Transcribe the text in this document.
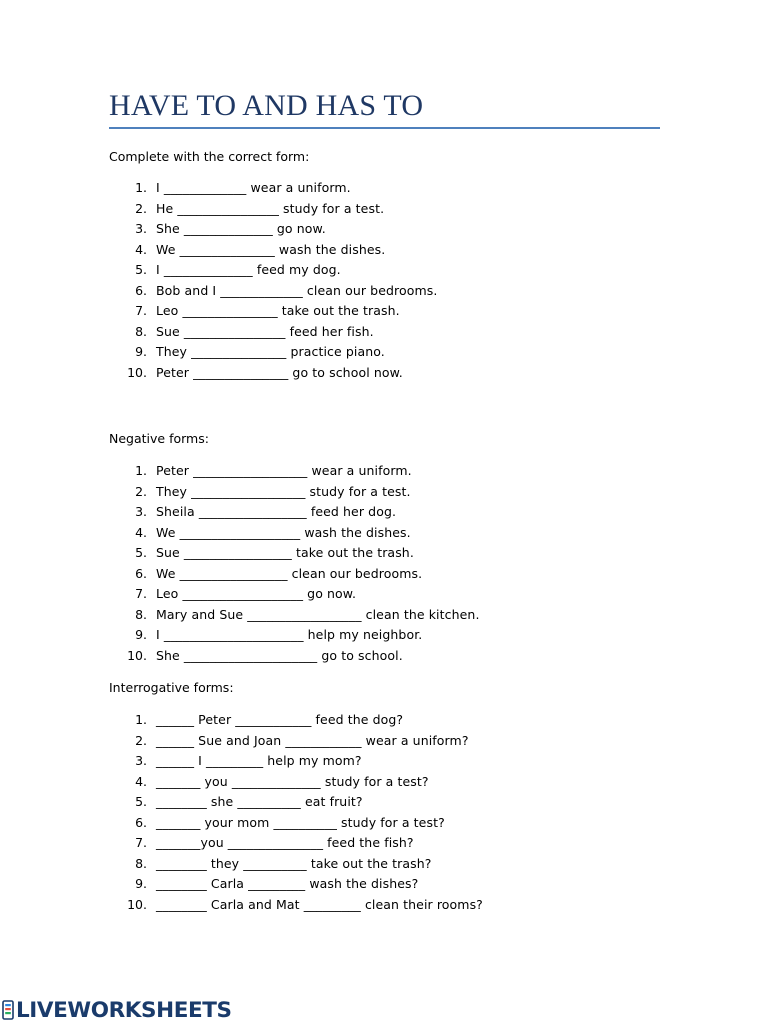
HAVE TO AND HAS TO

Complete with the correct form:

1. I _____________ wear a uniform.
2. He ________________ study for a test.
3. She ______________ go now.
4. We _______________ wash the dishes.
5. I ______________ feed my dog.
6. Bob and I _____________ clean our bedrooms.
7. Leo _______________ take out the trash.
8. Sue ________________ feed her fish.
9. They _______________ practice piano.
10. Peter _______________ go to school now.

Negative forms:

1. Peter __________________ wear a uniform.
2. They __________________ study for a test.
3. Sheila _________________ feed her dog.
4. We ___________________ wash the dishes.
5. Sue _________________ take out the trash.
6. We _________________ clean our bedrooms.
7. Leo ___________________ go now.
8. Mary and Sue __________________ clean the kitchen.
9. I ______________________ help my neighbor.
10. She _____________________ go to school.

Interrogative forms:

1. ______ Peter ____________ feed the dog?
2. ______ Sue and Joan ____________ wear a uniform?
3. ______ I _________ help my mom?
4. _______ you ______________ study for a test?
5. ________ she __________ eat fruit?
6. _______ your mom __________ study for a test?
7. _______you _______________ feed the fish?
8. ________ they __________ take out the trash?
9. ________ Carla _________ wash the dishes?
10. ________ Carla and Mat _________ clean their rooms?
LIVEWORKSHEETS
